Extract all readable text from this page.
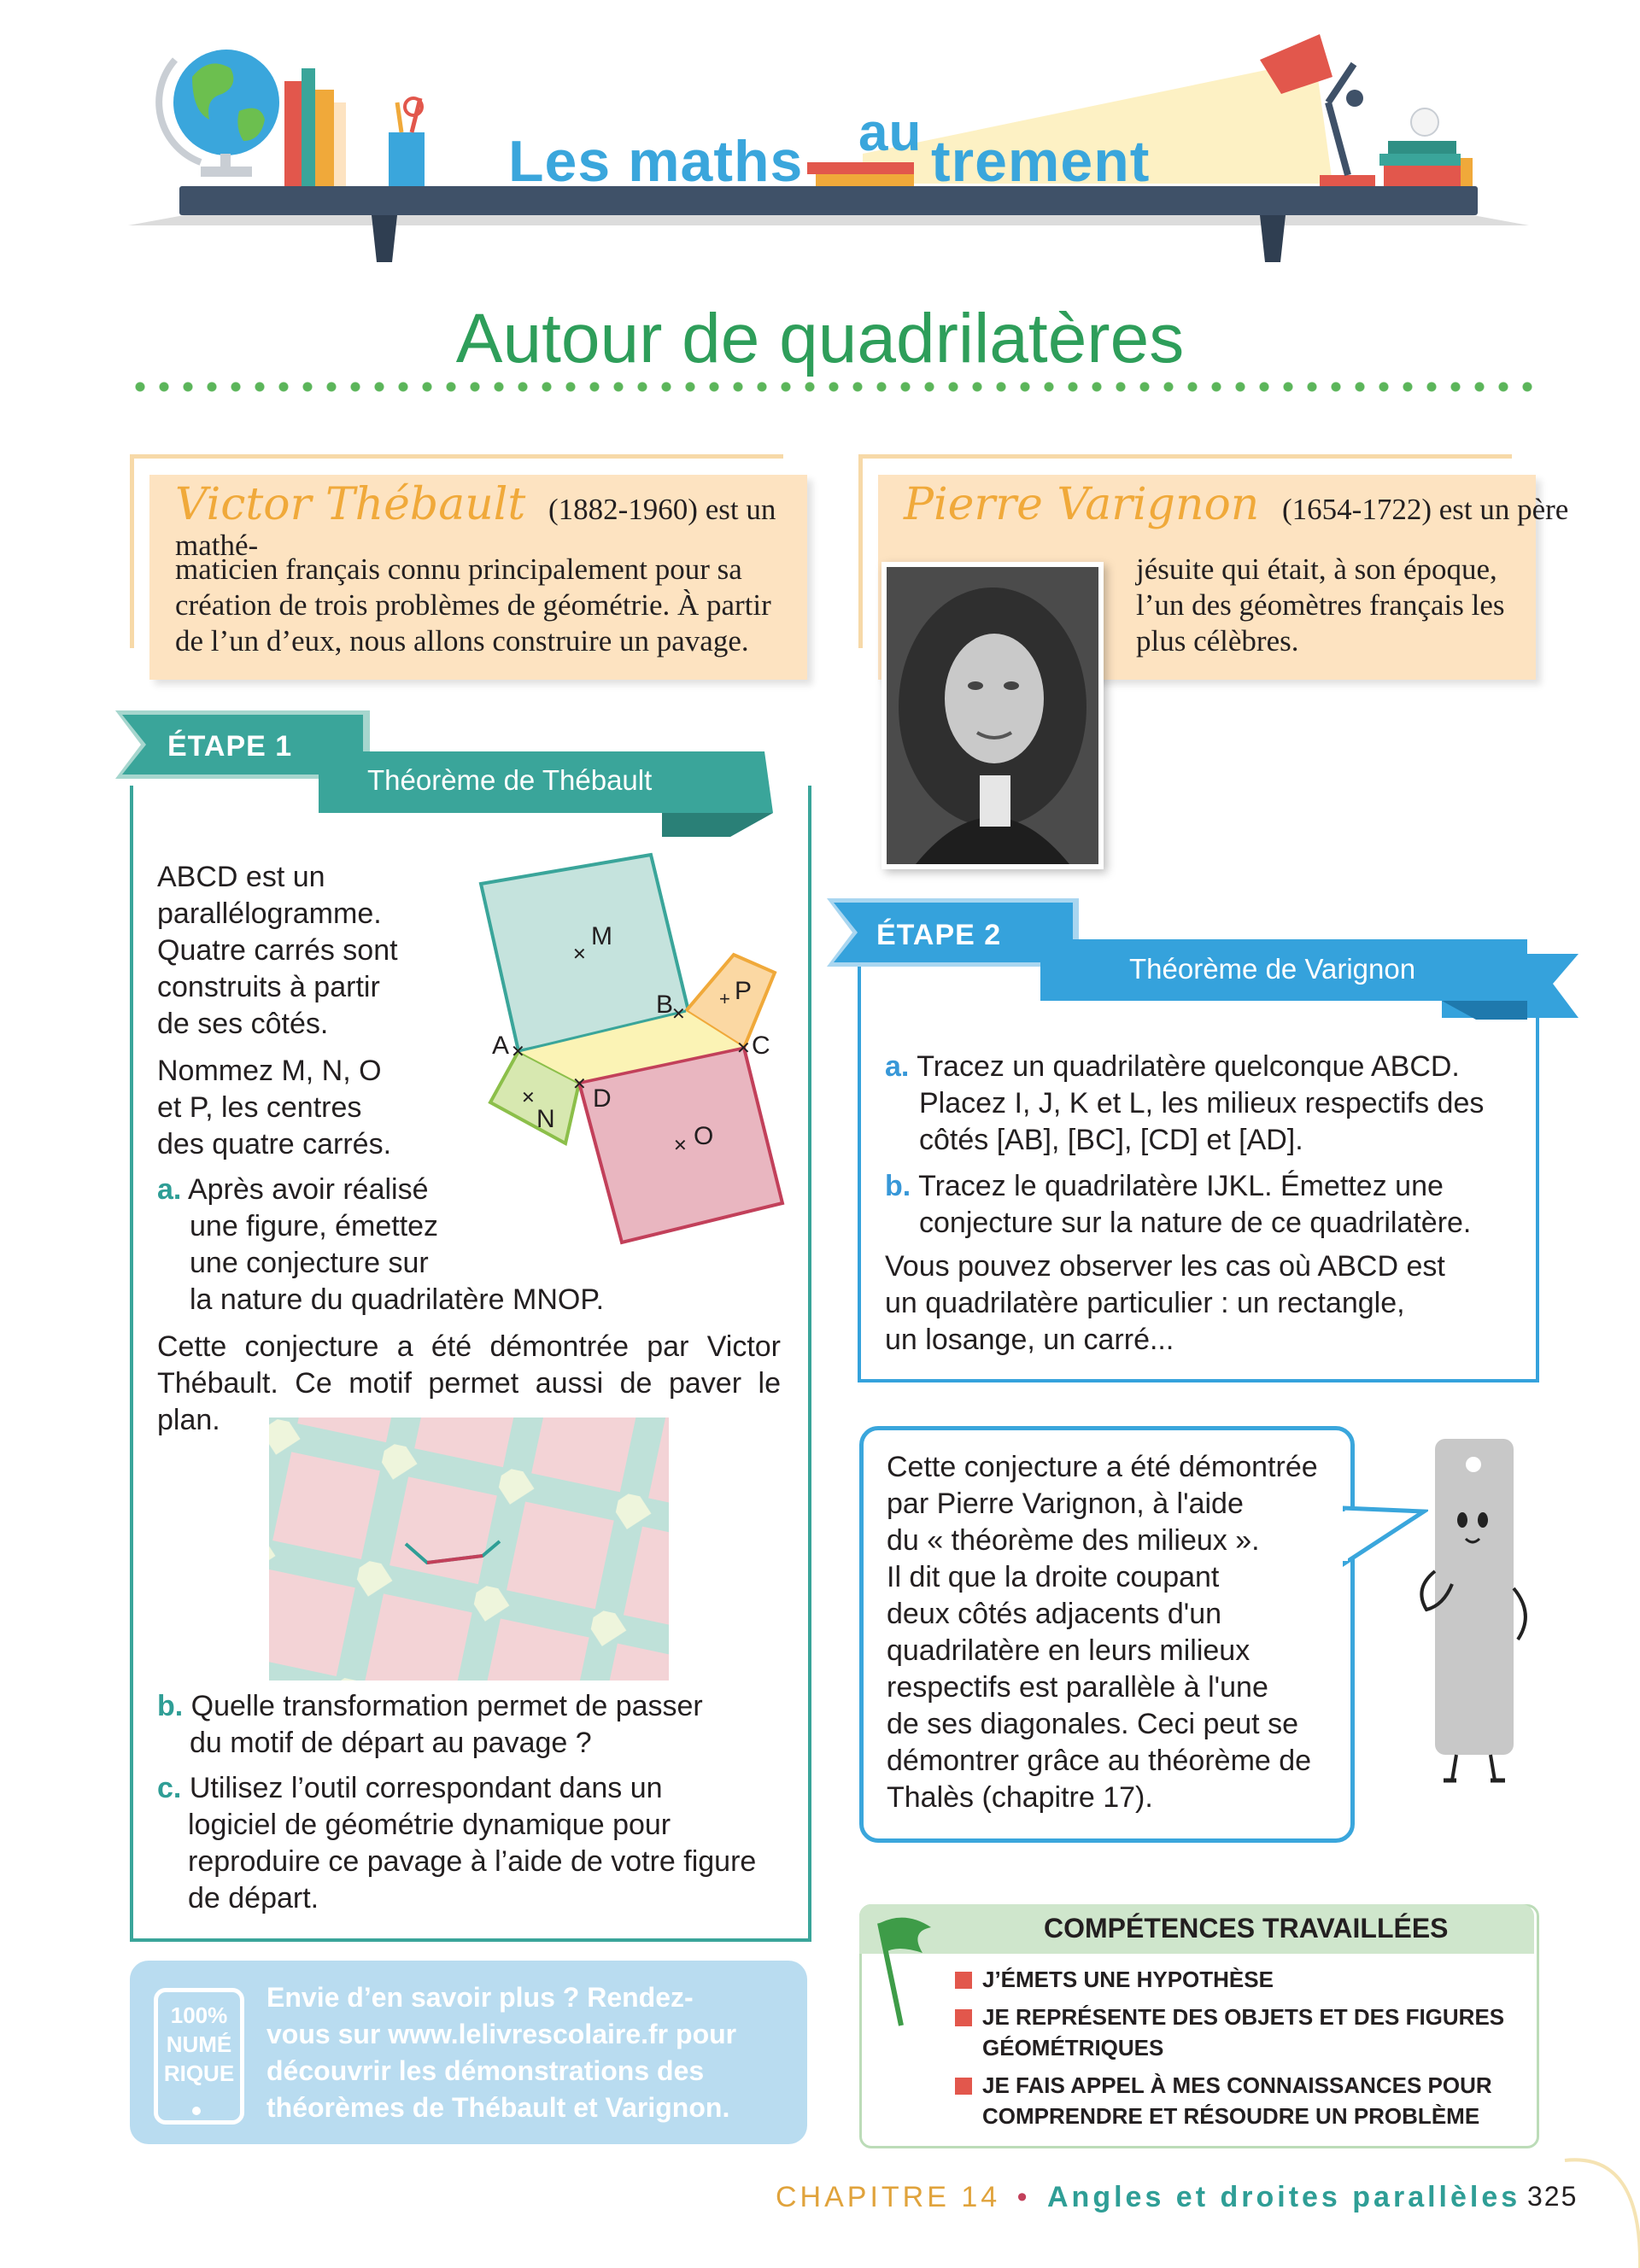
Les maths au trement
Autour de quadrilatères
Victor Thébault (1882-1960) est un mathé-
maticien français connu principalement pour sa
création de trois problèmes de géométrie. À partir
de l’un d’eux, nous allons construire un pavage.
Pierre Varignon (1654-1722) est un père
jésuite qui était, à son époque,
l’un des géomètres français les
plus célèbres.
ÉTAPE 1
Théorème de Thébault
ABCD est un
parallélogramme.
Quatre carrés sont
construits à partir
de ses côtés.
Nommez M, N, O
et P, les centres
des quatre carrés.
a. Après avoir réalisé
une figure, émettez
une conjecture sur
la nature du quadrilatère MNOP.
Cette conjecture a été démontrée par Victor
Thébault. Ce motif permet aussi de paver le plan.
M
✕
✕
B + P
✕
A	✕ C
✕ D
✕
N
✕ O
b. Quelle transformation permet de passer
du motif de départ au pavage ?
c. Utilisez l’outil correspondant dans un
logiciel de géométrie dynamique pour
reproduire ce pavage à l’aide de votre figure
de départ.
ÉTAPE 2
Théorème de Varignon
a. Tracez un quadrilatère quelconque ABCD.
Placez I, J, K et L, les milieux respectifs des
côtés [AB], [BC], [CD] et [AD].
b. Tracez le quadrilatère IJKL. Émettez une
conjecture sur la nature de ce quadrilatère.
Vous pouvez observer les cas où ABCD est
un quadrilatère particulier : un rectangle,
un losange, un carré...
Cette conjecture a été démontrée
par Pierre Varignon, à l'aide
du « théorème des milieux ».
Il dit que la droite coupant
deux côtés adjacents d'un
quadrilatère en leurs milieux
respectifs est parallèle à l'une
de ses diagonales. Ceci peut se
démontrer grâce au théorème de
Thalès (chapitre 17).
100%
NUMÉ
RIQUE
Envie d’en savoir plus ? Rendez-
vous sur www.lelivrescolaire.fr pour
découvrir les démonstrations des
théorèmes de Thébault et Varignon.
COMPÉTENCES TRAVAILLÉES
J’ÉMETS UNE HYPOTHÈSE
JE REPRÉSENTE DES OBJETS ET DES FIGURES
GÉOMÉTRIQUES
JE FAIS APPEL À MES CONNAISSANCES POUR
COMPRENDRE ET RÉSOUDRE UN PROBLÈME
CHAPITRE 14 • Angles et droites parallèles 325
